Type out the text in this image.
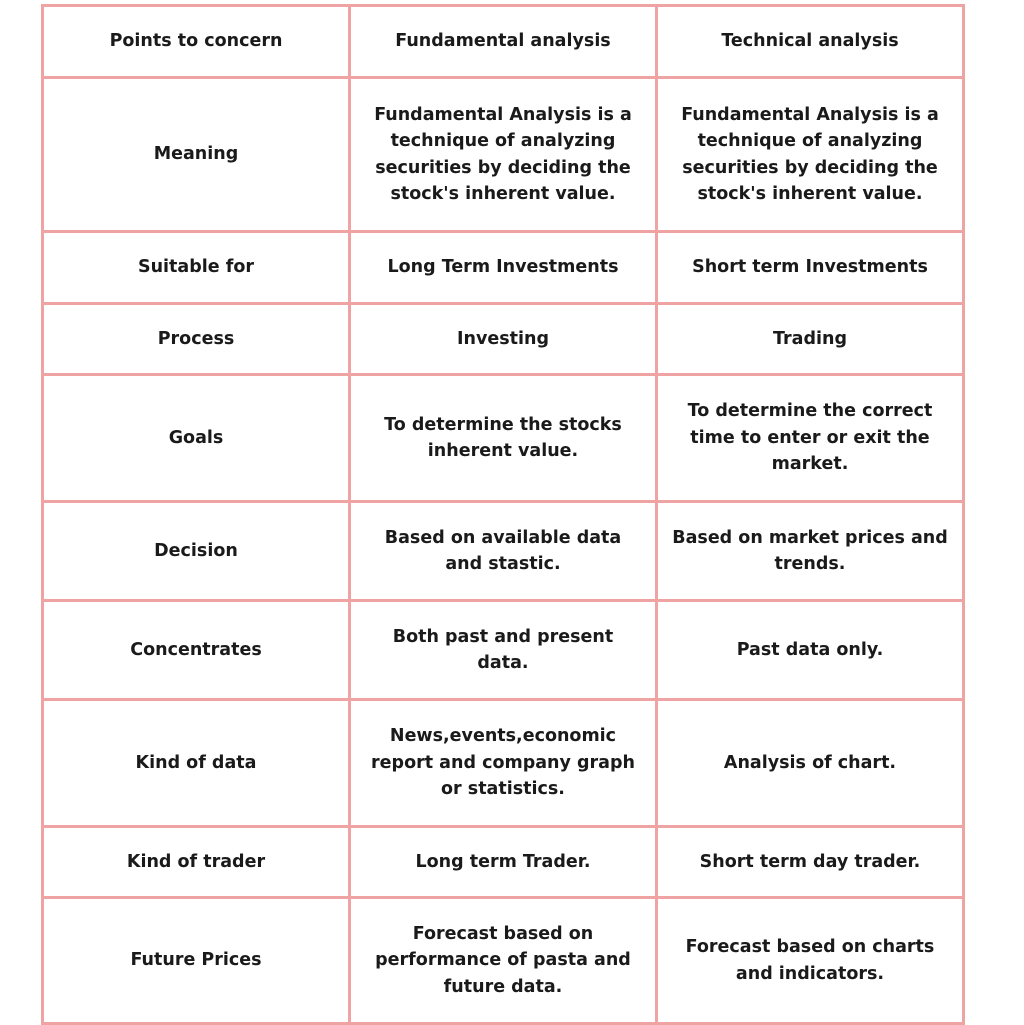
Points to concern	Fundamental analysis	Technical analysis
Meaning	Fundamental Analysis is a technique of analyzing securities by deciding the stock's inherent value.	Fundamental Analysis is a technique of analyzing securities by deciding the stock's inherent value.
Suitable for	Long Term Investments	Short term Investments
Process	Investing	Trading
Goals	To determine the stocks inherent value.	To determine the correct time to enter or exit the market.
Decision	Based on available data and stastic.	Based on market prices and trends.
Concentrates	Both past and present data.	Past data only.
Kind of data	News,events,economic report and company graph or statistics.	Analysis of chart.
Kind of trader	Long term Trader.	Short term day trader.
Future Prices	Forecast based on performance of pasta and future data.	Forecast based on charts and indicators.
